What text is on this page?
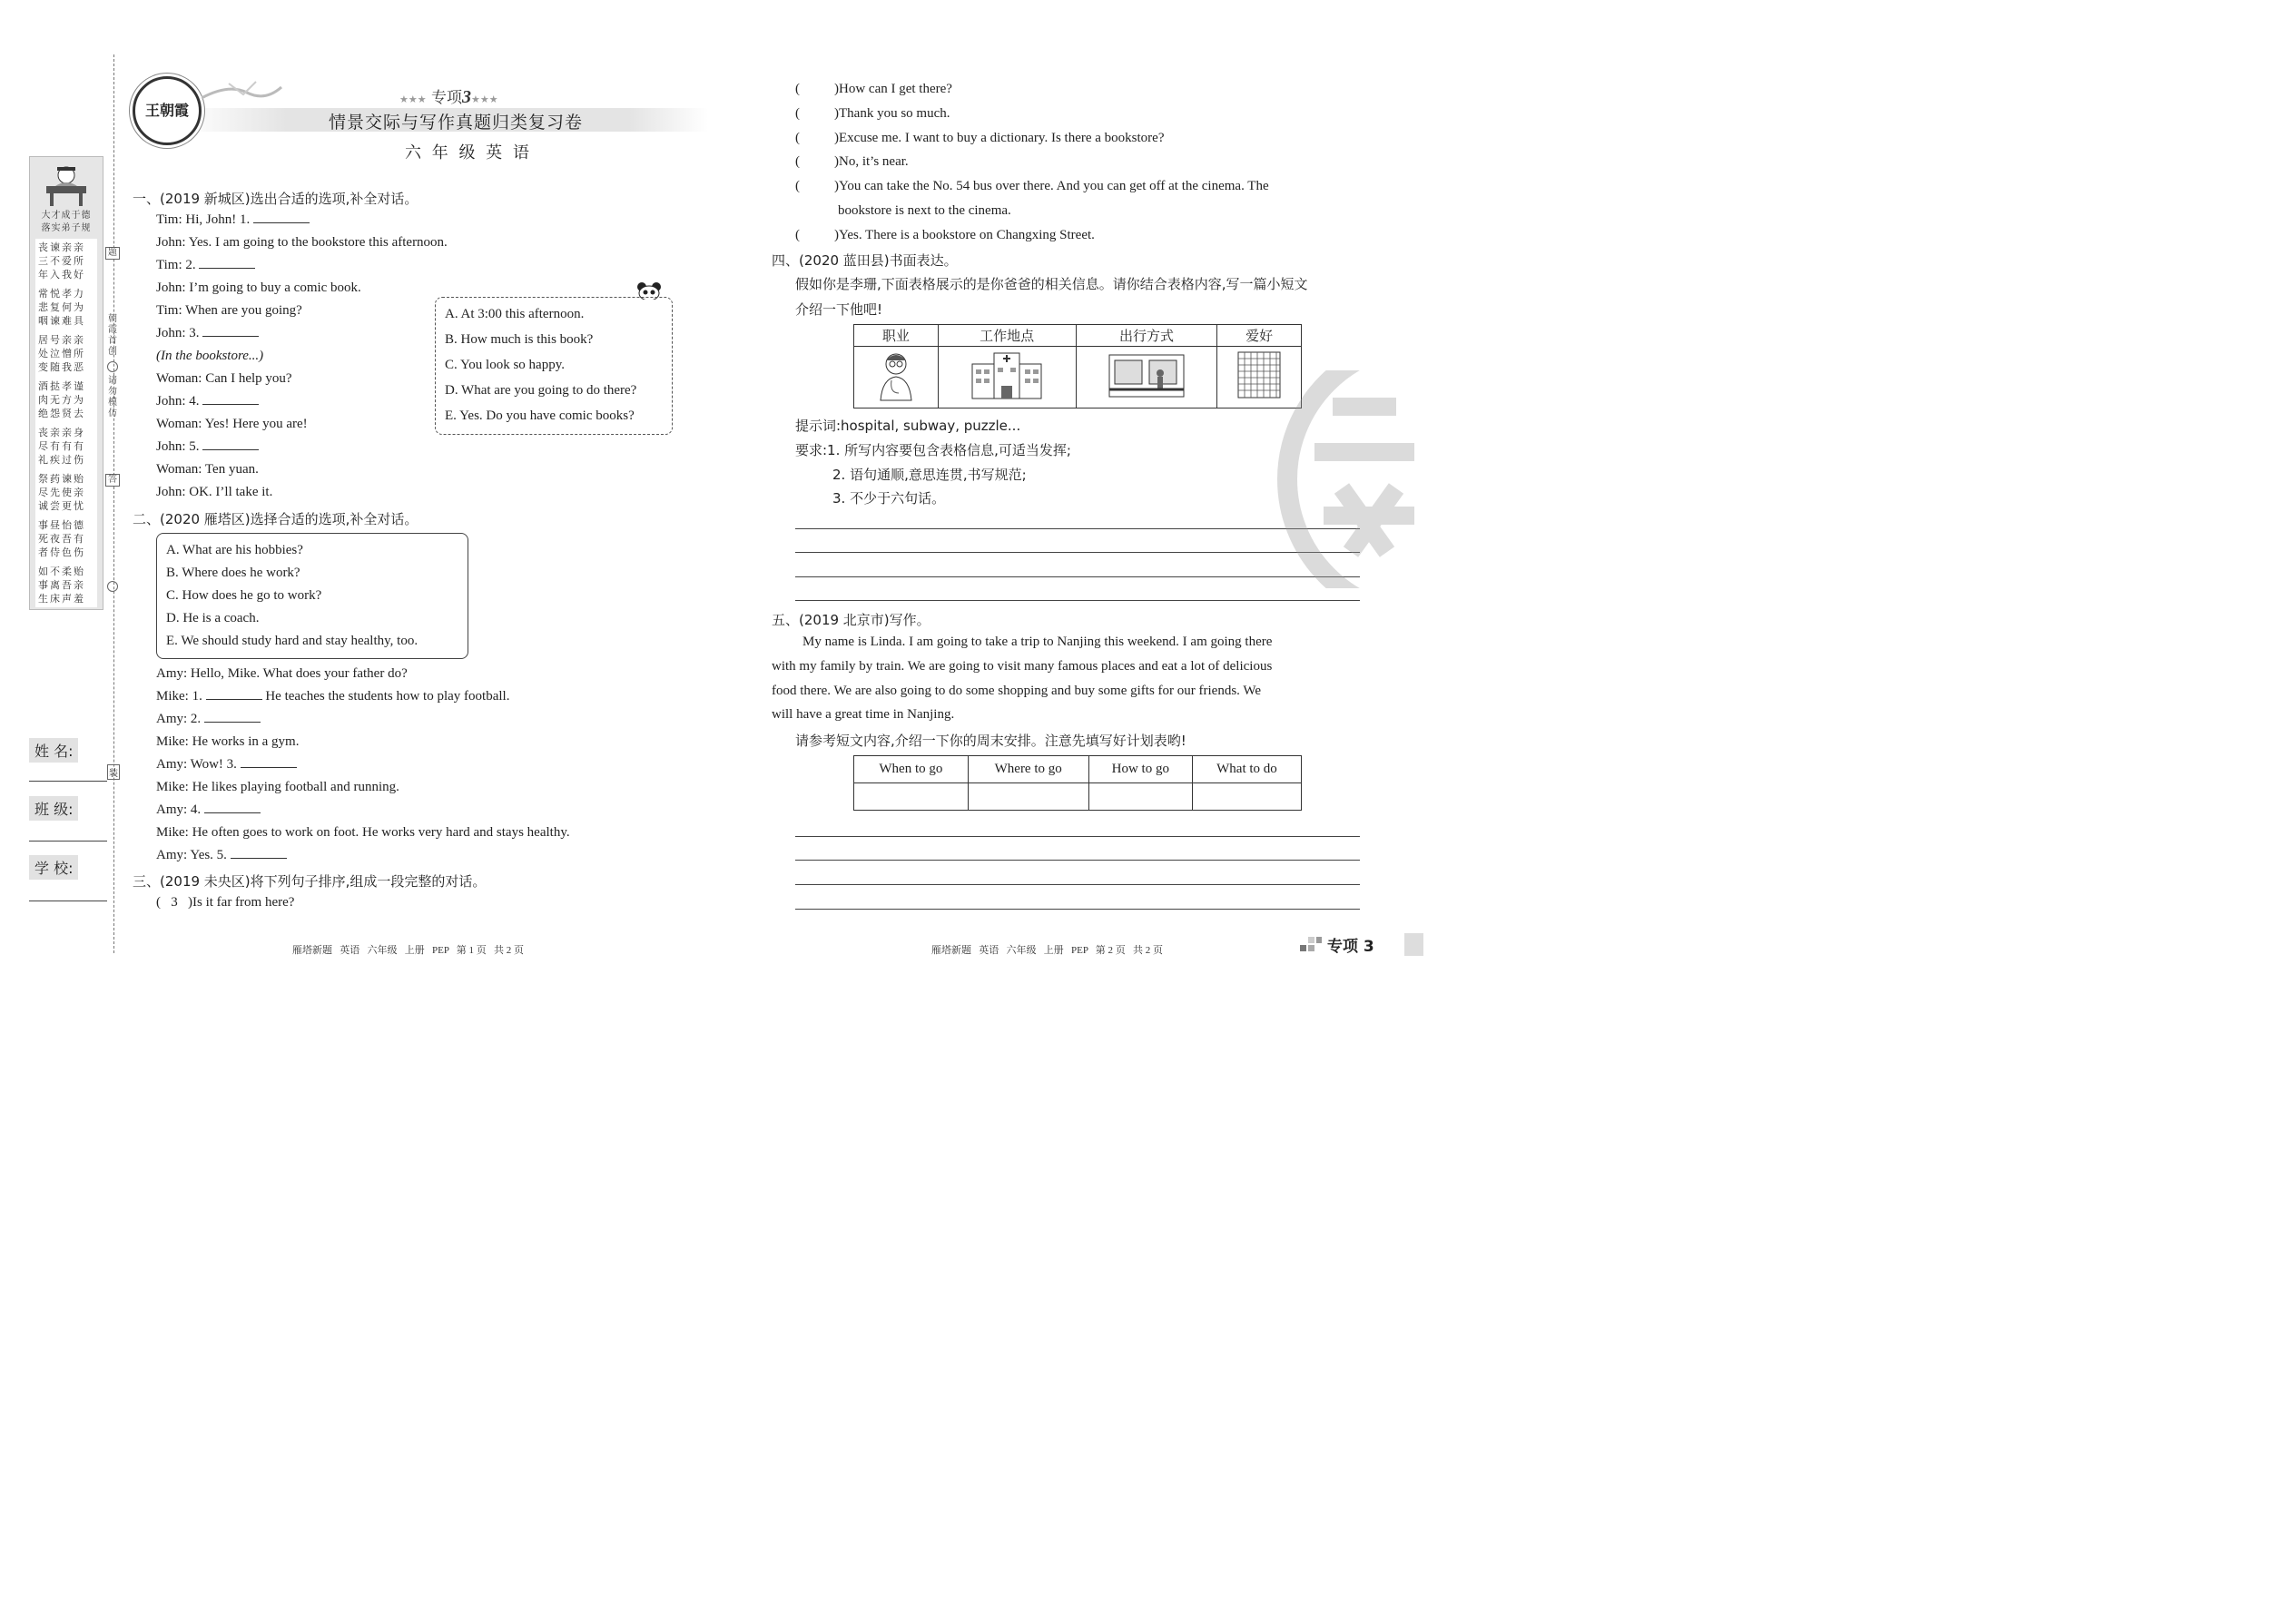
大才成于德
落实弟子规
丧谏亲亲
三不爱所
年入我好
常悦孝力
悲复何为
咽谏难具
居号亲亲
处泣憎所
变随我恶
酒挞孝谨
肉无方为
绝怨贤去
丧亲亲身
尽有有有
礼疾过伤
祭药谏贻
尽先使亲
诚尝更忧
事昼怡德
死夜吾有
者侍色伤
如不柔贻
事离吾亲
生床声羞
题
朝霞首创
请勿模仿
答
装
姓 名:
班 级:
学 校:
王朝霞
★★★ 专项3★★★
情景交际与写作真题归类复习卷
六 年 级 英 语
一、(2019 新城区)选出合适的选项,补全对话。
Tim: Hi, John! 1.
John: Yes. I am going to the bookstore this afternoon.
Tim: 2.
John: I’m going to buy a comic book.
Tim: When are you going?
John: 3.
(In the bookstore...)
Woman: Can I help you?
John: 4.
Woman: Yes! Here you are!
John: 5.
Woman: Ten yuan.
John: OK. I’ll take it.
A. At 3:00 this afternoon.
B. How much is this book?
C. You look so happy.
D. What are you going to do there?
E. Yes. Do you have comic books?
二、(2020 雁塔区)选择合适的选项,补全对话。
A. What are his hobbies?
B. Where does he work?
C. How does he go to work?
D. He is a coach.
E. We should study hard and stay healthy, too.
Amy: Hello, Mike. What does your father do?
Mike: 1.	He teaches the students how to play football.
Amy: 2.
Mike: He works in a gym.
Amy: Wow! 3.
Mike: He likes playing football and running.
Amy: 4.
Mike: He often goes to work on foot. He works very hard and stays healthy.
Amy: Yes. 5.
三、(2019 未央区)将下列句子排序,组成一段完整的对话。
(   3 )Is it far from here?
(	)How can I get there?
(	)Thank you so much.
(	)Excuse me. I want to buy a dictionary. Is there a bookstore?
(	)No, it’s near.
(	)You can take the No. 54 bus over there. And you can get off at the cinema. The
bookstore is next to the cinema.
(	)Yes. There is a bookstore on Changxing Street.
四、(2020 蓝田县)书面表达。
假如你是李珊,下面表格展示的是你爸爸的相关信息。请你结合表格内容,写一篇小短文
介绍一下他吧!
职业	工作地点	出行方式	爱好

提示词:hospital, subway, puzzle...
要求:1. 所写内容要包含表格信息,可适当发挥;
2. 语句通顺,意思连贯,书写规范;
3. 不少于六句话。
五、(2019 北京市)写作。
My name is Linda. I am going to take a trip to Nanjing this weekend. I am going there
with my family by train. We are going to visit many famous places and eat a lot of delicious
food there. We are also going to do some shopping and buy some gifts for our friends. We
will have a great time in Nanjing.
请参考短文内容,介绍一下你的周末安排。注意先填写好计划表哟!
When to go	Where to go	How to go	What to do

雁塔新题   英语   六年级   上册   PEP   第 1 页   共 2 页	雁塔新题   英语   六年级   上册   PEP   第 2 页   共 2 页	专项 3
